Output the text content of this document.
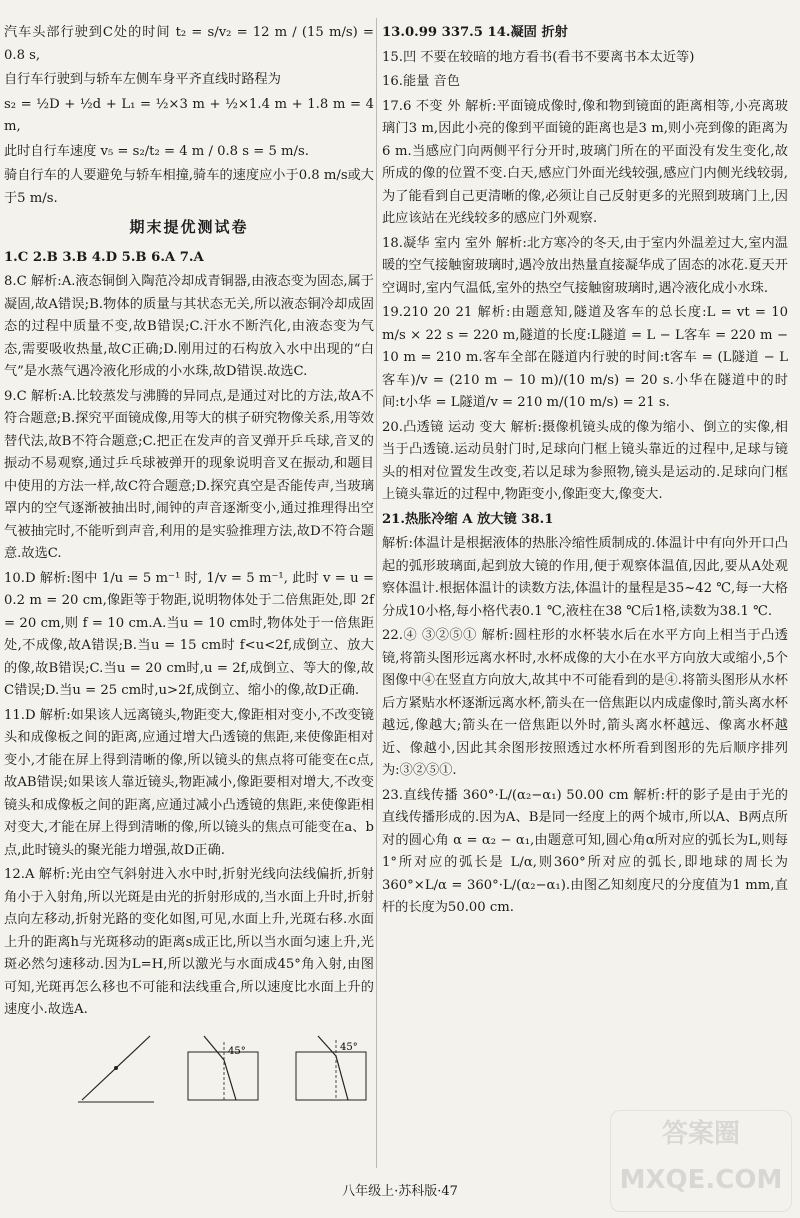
汽车头部行驶到C处的时间 t₂ = s/v₂ = 12 m / (15 m/s) = 0.8 s,

自行车行驶到与轿车左侧车身平齐直线时路程为

s₂ = ½D + ½d + L₁ = ½×3 m + ½×1.4 m + 1.8 m = 4 m,

此时自行车速度 v₅ = s₂/t₂ = 4 m / 0.8 s = 5 m/s.

骑自行车的人要避免与轿车相撞,骑车的速度应小于0.8 m/s或大于5 m/s.

期末提优测试卷

1.C 2.B 3.B 4.D 5.B 6.A 7.A

8.C 解析:A.液态铜倒入陶范冷却成青铜器,由液态变为固态,属于凝固,故A错误;B.物体的质量与其状态无关,所以液态铜冷却成固态的过程中质量不变,故B错误;C.汗水不断汽化,由液态变为气态,需要吸收热量,故C正确;D.刚用过的石构放入水中出现的“白气”是水蒸气遇冷液化形成的小水珠,故D错误.故选C.

9.C 解析:A.比较蒸发与沸腾的异同点,是通过对比的方法,故A不符合题意;B.探究平面镜成像,用等大的棋子研究物像关系,用等效替代法,故B不符合题意;C.把正在发声的音叉弹开乒乓球,音叉的振动不易观察,通过乒乓球被弹开的现象说明音叉在振动,和题目中使用的方法一样,故C符合题意;D.探究真空是否能传声,当玻璃罩内的空气逐渐被抽出时,闹钟的声音逐渐变小,通过推理得出空气被抽完时,不能听到声音,利用的是实验推理方法,故D不符合题意.故选C.

10.D 解析:图中 1/u = 5 m⁻¹ 时, 1/v = 5 m⁻¹, 此时 v = u = 0.2 m = 20 cm,像距等于物距,说明物体处于二倍焦距处,即 2f = 20 cm,则 f = 10 cm.A.当u = 10 cm时,物体处于一倍焦距处,不成像,故A错误;B.当u = 15 cm时 f<u<2f,成倒立、放大的像,故B错误;C.当u = 20 cm时,u = 2f,成倒立、等大的像,故C错误;D.当u = 25 cm时,u>2f,成倒立、缩小的像,故D正确.

11.D 解析:如果该人远离镜头,物距变大,像距相对变小,不改变镜头和成像板之间的距离,应通过增大凸透镜的焦距,来使像距相对变小,才能在屏上得到清晰的像,所以镜头的焦点将可能变在c点,故AB错误;如果该人靠近镜头,物距减小,像距要相对增大,不改变镜头和成像板之间的距离,应通过减小凸透镜的焦距,来使像距相对变大,才能在屏上得到清晰的像,所以镜头的焦点可能变在a、b点,此时镜头的聚光能力增强,故D正确.

12.A 解析:光由空气斜射进入水中时,折射光线向法线偏折,折射角小于入射角,所以光斑是由光的折射形成的,当水面上升时,折射点向左移动,折射光路的变化如图,可见,水面上升,光斑右移.水面上升的距离h与光斑移动的距离s成正比,所以当水面匀速上升,光斑必然匀速移动.因为L=H,所以激光与水面成45°角入射,由图可知,光斑再怎么移也不可能和法线重合,所以速度比水面上升的速度小.故选A.

45°	45°

13.0.99 337.5 14.凝固 折射

15.凹 不要在较暗的地方看书(看书不要离书本太近等)

16.能量 音色

17.6 不变 外 解析:平面镜成像时,像和物到镜面的距离相等,小亮离玻璃门3 m,因此小亮的像到平面镜的距离也是3 m,则小亮到像的距离为6 m.当感应门向两侧平行分开时,玻璃门所在的平面没有发生变化,故所成的像的位置不变.白天,感应门外面光线较强,感应门内侧光线较弱,为了能看到自己更清晰的像,必须让自己反射更多的光照到玻璃门上,因此应该站在光线较多的感应门外观察.

18.凝华 室内 室外 解析:北方寒冷的冬天,由于室内外温差过大,室内温暖的空气接触窗玻璃时,遇冷放出热量直接凝华成了固态的冰花.夏天开空调时,室内气温低,室外的热空气接触窗玻璃时,遇冷液化成小水珠.

19.210 20 21 解析:由题意知,隧道及客车的总长度:L = vt = 10 m/s × 22 s = 220 m,隧道的长度:L隧道 = L − L客车 = 220 m − 10 m = 210 m.客车全部在隧道内行驶的时间:t客车 = (L隧道 − L客车)/v = (210 m − 10 m)/(10 m/s) = 20 s.小华在隧道中的时间:t小华 = L隧道/v = 210 m/(10 m/s) = 21 s.

20.凸透镜 运动 变大 解析:摄像机镜头成的像为缩小、倒立的实像,相当于凸透镜.运动员射门时,足球向门框上镜头靠近的过程中,足球与镜头的相对位置发生改变,若以足球为参照物,镜头是运动的.足球向门框上镜头靠近的过程中,物距变小,像距变大,像变大.

21.热胀冷缩 A 放大镜 38.1

解析:体温计是根据液体的热胀冷缩性质制成的.体温计中有向外开口凸起的弧形玻璃面,起到放大镜的作用,便于观察体温值,因此,要从A处观察体温计.根据体温计的读数方法,体温计的量程是35~42 ℃,每一大格分成10小格,每小格代表0.1 ℃,液柱在38 ℃后1格,读数为38.1 ℃.

22.④ ③②⑤① 解析:圆柱形的水杯装水后在水平方向上相当于凸透镜,将箭头图形远离水杯时,水杯成像的大小在水平方向放大或缩小,5个图像中④在竖直方向放大,故其中不可能看到的是④.将箭头图形从水杯后方紧贴水杯逐渐远离水杯,箭头在一倍焦距以内成虚像时,箭头离水杯越远,像越大;箭头在一倍焦距以外时,箭头离水杯越远、像离水杯越近、像越小,因此其余图形按照透过水杯所看到图形的先后顺序排列为:③②⑤①.

23.直线传播 360°·L/(α₂−α₁) 50.00 cm 解析:杆的影子是由于光的直线传播形成的.因为A、B是同一经度上的两个城市,所以A、B两点所对的圆心角 α = α₂ − α₁,由题意可知,圆心角α所对应的弧长为L,则每1°所对应的弧长是 L/α,则360°所对应的弧长,即地球的周长为 360°×L/α = 360°·L/(α₂−α₁).由图乙知刻度尺的分度值为1 mm,直杆的长度为50.00 cm.

八年级上·苏科版·47
答案圈 MXQE.COM
